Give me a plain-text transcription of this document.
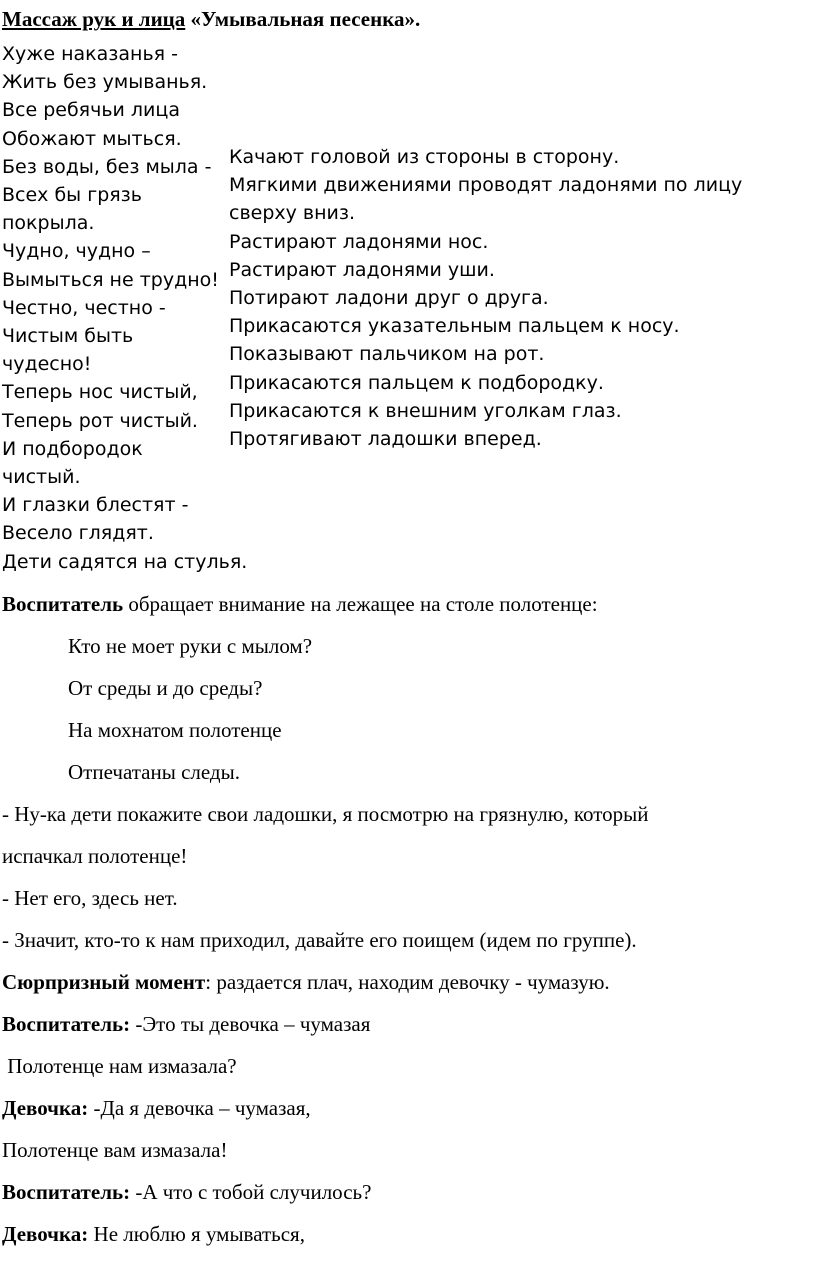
Массаж рук и лица «Умывальная песенка».
Хуже наказанья -
Жить без умыванья.
Все ребячьи лица
Обожают мыться.
Без воды, без мыла -
Всех бы грязь
покрыла.
Чудно, чудно –
Вымыться не трудно!
Честно, честно -
Чистым быть
чудесно!
Теперь нос чистый,
Теперь рот чистый.
И подбородок
чистый.
И глазки блестят -
Весело глядят.
Дети садятся на стулья.
Качают головой из стороны в сторону.
Мягкими движениями проводят ладонями по лицу
сверху вниз.
Растирают ладонями нос.
Растирают ладонями уши.
Потирают ладони друг о друга.
Прикасаются указательным пальцем к носу.
Показывают пальчиком на рот.
Прикасаются пальцем к подбородку.
Прикасаются к внешним уголкам глаз.
Протягивают ладошки вперед.
Воспитатель обращает внимание на лежащее на столе полотенце:
Кто не моет руки с мылом?
От среды и до среды?
На мохнатом полотенце
Отпечатаны следы.
- Ну-ка дети покажите свои ладошки, я посмотрю на грязнулю, который
испачкал полотенце!
- Нет его, здесь нет.
- Значит, кто-то к нам приходил, давайте его поищем (идем по группе).
Сюрпризный момент: раздается плач, находим девочку - чумазую.
Воспитатель: -Это ты девочка – чумазая
Полотенце нам измазала?
Девочка: -Да я девочка – чумазая,
Полотенце вам измазала!
Воспитатель: -А что с тобой случилось?
Девочка: Не люблю я умываться,
